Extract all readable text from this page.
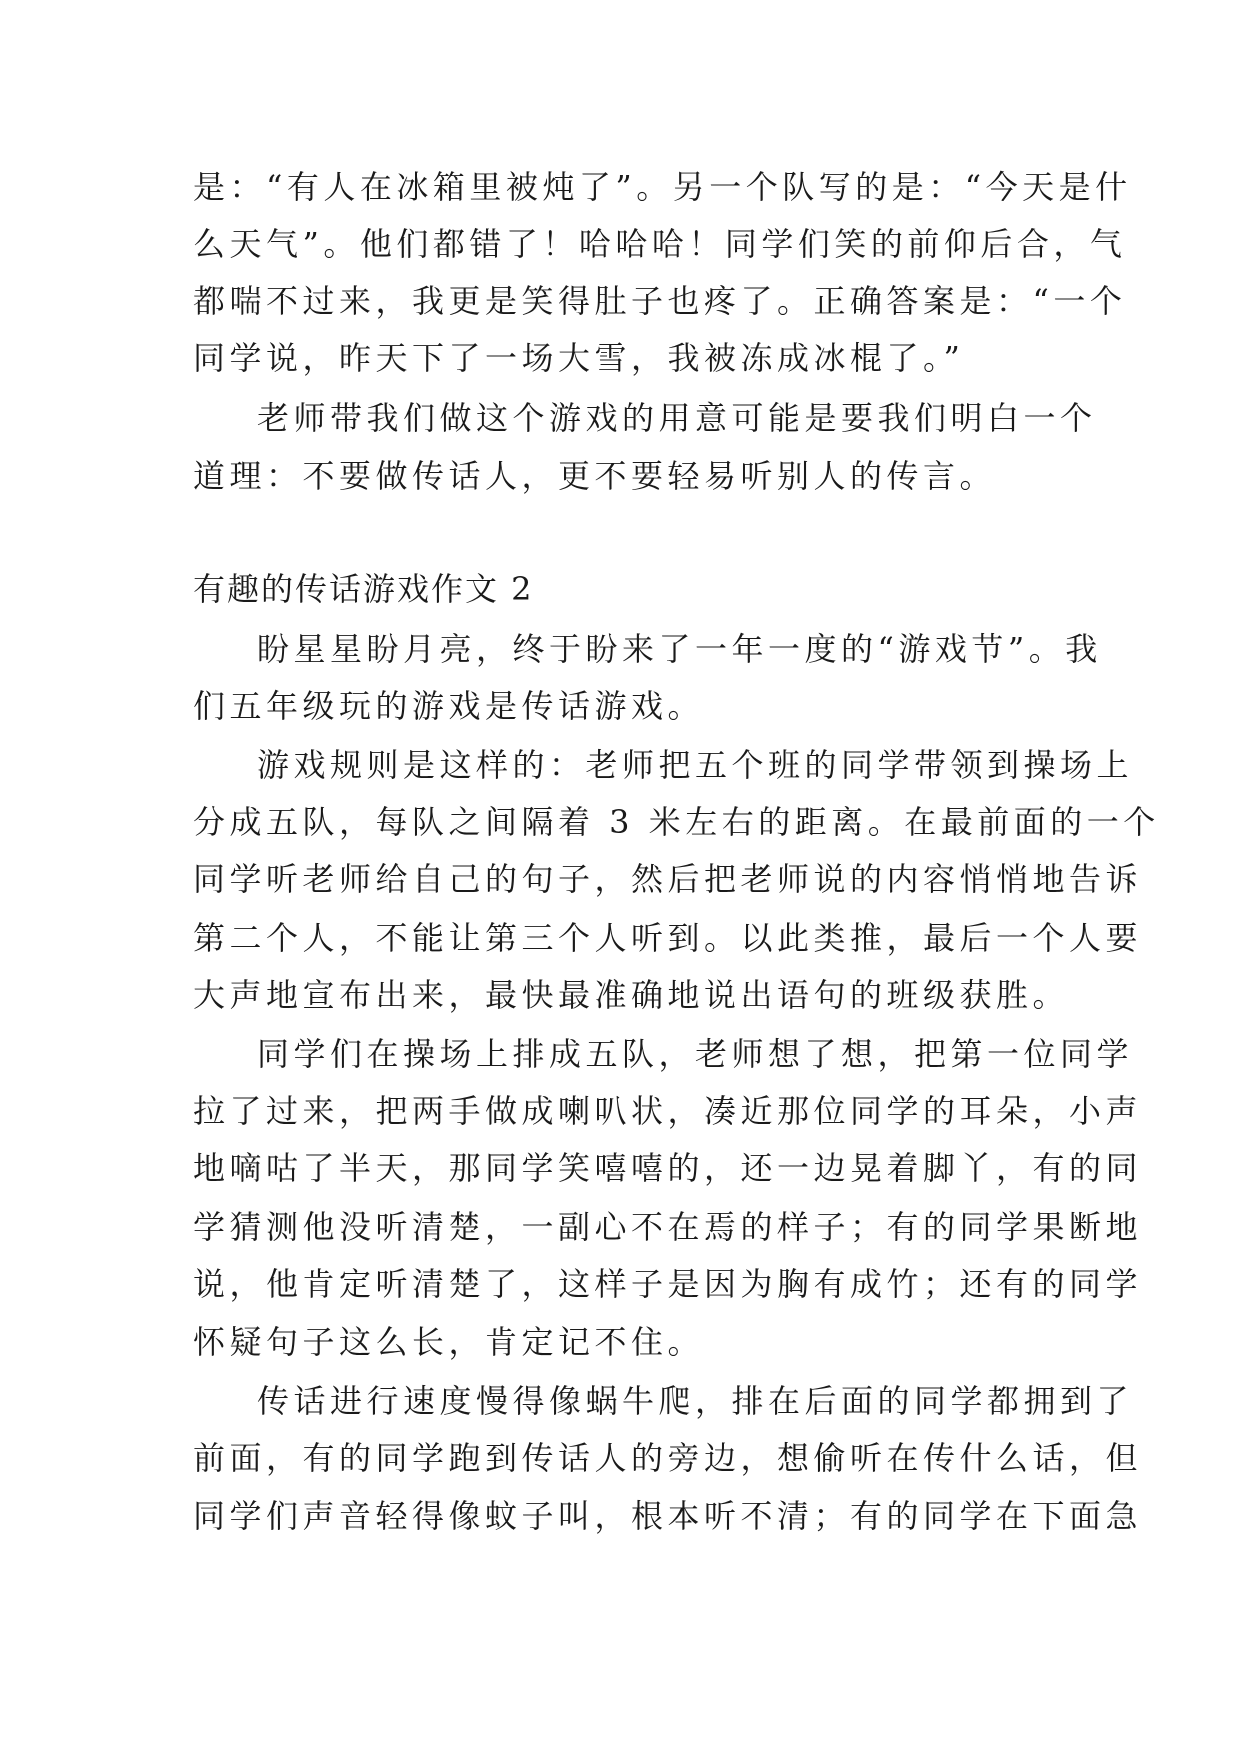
是：“有人在冰箱里被炖了”。另一个队写的是：“今天是什
么天气”。他们都错了！哈哈哈！同学们笑的前仰后合，气
都喘不过来，我更是笑得肚子也疼了。正确答案是：“一个
同学说，昨天下了一场大雪，我被冻成冰棍了。”
老师带我们做这个游戏的用意可能是要我们明白一个
道理：不要做传话人，更不要轻易听别人的传言。
有趣的传话游戏作文 2
盼星星盼月亮，终于盼来了一年一度的“游戏节”。我
们五年级玩的游戏是传话游戏。
游戏规则是这样的：老师把五个班的同学带领到操场上
分成五队，每队之间隔着 3 米左右的距离。在最前面的一个
同学听老师给自己的句子，然后把老师说的内容悄悄地告诉
第二个人，不能让第三个人听到。以此类推，最后一个人要
大声地宣布出来，最快最准确地说出语句的班级获胜。
同学们在操场上排成五队，老师想了想，把第一位同学
拉了过来，把两手做成喇叭状，凑近那位同学的耳朵，小声
地嘀咕了半天，那同学笑嘻嘻的，还一边晃着脚丫，有的同
学猜测他没听清楚，一副心不在焉的样子；有的同学果断地
说，他肯定听清楚了，这样子是因为胸有成竹；还有的同学
怀疑句子这么长，肯定记不住。
传话进行速度慢得像蜗牛爬，排在后面的同学都拥到了
前面，有的同学跑到传话人的旁边，想偷听在传什么话，但
同学们声音轻得像蚊子叫，根本听不清；有的同学在下面急
